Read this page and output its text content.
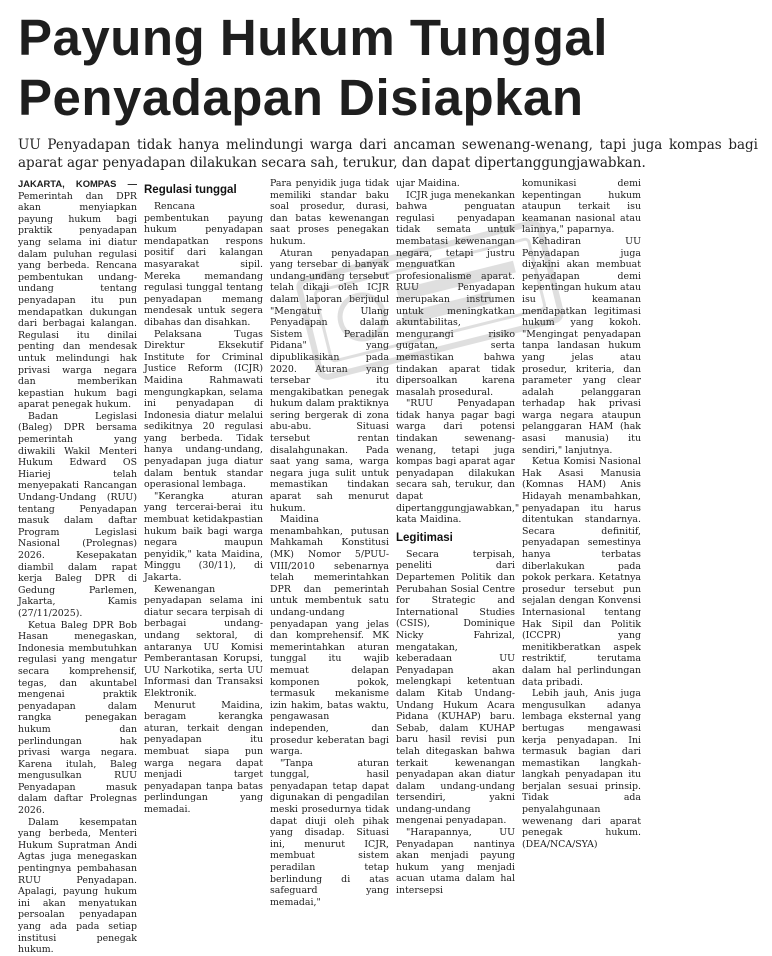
Payung Hukum Tunggal
Penyadapan Disiapkan
UU Penyadapan tidak hanya melindungi warga dari ancaman sewenang-wenang, tapi juga kompas bagi aparat agar penyadapan dilakukan secara sah, terukur, dan dapat dipertanggungjawabkan.

JAKARTA, KOMPAS — Pemerintah dan DPR akan menyiapkan payung hukum bagi praktik penyadapan yang selama ini diatur dalam puluhan regulasi yang berbeda. Rencana pembentukan undang-undang tentang penyadapan itu pun mendapatkan dukungan dari berbagai kalangan. Regulasi itu dinilai penting dan mendesak untuk melindungi hak privasi warga negara dan memberikan kepastian hukum bagi aparat penegak hukum.

Badan Legislasi (Baleg) DPR bersama pemerintah yang diwakili Wakil Menteri Hukum Edward OS Hiariej telah menyepakati Rancangan Undang-Undang (RUU) tentang Penyadapan masuk dalam daftar Program Legislasi Nasional (Prolegnas) 2026. Kesepakatan diambil dalam rapat kerja Baleg DPR di Gedung Parlemen, Jakarta, Kamis (27/11/2025).

Ketua Baleg DPR Bob Hasan menegaskan, Indonesia membutuhkan regulasi yang mengatur secara komprehensif, tegas, dan akuntabel mengenai praktik penyadapan dalam rangka penegakan hukum dan perlindungan hak privasi warga negara. Karena itulah, Baleg mengusulkan RUU Penyadapan masuk dalam daftar Prolegnas 2026.

Dalam kesempatan yang berbeda, Menteri Hukum Supratman Andi Agtas juga menegaskan pentingnya pembahasan RUU Penyadapan. Apalagi, payung hukum ini akan menyatukan persoalan penyadapan yang ada pada setiap institusi penegak hukum.

Regulasi tunggal

Rencana pembentukan payung hukum penyadapan mendapatkan respons positif dari kalangan masyarakat sipil. Mereka memandang regulasi tunggal tentang penyadapan memang mendesak untuk segera dibahas dan disahkan.

Pelaksana Tugas Direktur Eksekutif Institute for Criminal Justice Reform (ICJR) Maidina Rahmawati mengungkapkan, selama ini penyadapan di Indonesia diatur melalui sedikitnya 20 regulasi yang berbeda. Tidak hanya undang-undang, penyadapan juga diatur dalam bentuk standar operasional lembaga.

"Kerangka aturan yang tercerai-berai itu membuat ketidakpastian hukum baik bagi warga negara maupun penyidik," kata Maidina, Minggu (30/11), di Jakarta.

Kewenangan penyadapan selama ini diatur secara terpisah di berbagai undang-undang sektoral, di antaranya UU Komisi Pemberantasan Korupsi, UU Narkotika, serta UU Informasi dan Transaksi Elektronik.

Menurut Maidina, beragam kerangka aturan, terkait dengan penyadapan itu membuat siapa pun warga negara dapat menjadi target penyadapan tanpa batas perlindungan yang memadai.

Para penyidik juga tidak memiliki standar baku soal prosedur, durasi, dan batas kewenangan saat proses penegakan hukum.

Aturan penyadapan yang tersebar di banyak undang-undang tersebut telah dikaji oleh ICJR dalam laporan berjudul "Mengatur Ulang Penyadapan dalam Sistem Peradilan Pidana" yang dipublikasikan pada 2020. Aturan yang tersebar itu mengakibatkan penegak hukum dalam praktiknya sering bergerak di zona abu-abu. Situasi tersebut rentan disalahgunakan. Pada saat yang sama, warga negara juga sulit untuk memastikan tindakan aparat sah menurut hukum.

Maidina menambahkan, putusan Mahkamah Konstitusi (MK) Nomor 5/PUU-VIII/2010 sebenarnya telah memerintahkan DPR dan pemerintah untuk membentuk satu undang-undang penyadapan yang jelas dan komprehensif. MK memerintahkan aturan tunggal itu wajib memuat delapan komponen pokok, termasuk mekanisme izin hakim, batas waktu, pengawasan independen, dan prosedur keberatan bagi warga.

"Tanpa aturan tunggal, hasil penyadapan tetap dapat digunakan di pengadilan meski prosedurnya tidak dapat diuji oleh pihak yang disadap. Situasi ini, menurut ICJR, membuat sistem peradilan tetap berlindung di atas safeguard yang memadai,"

ujar Maidina.

ICJR juga menekankan bahwa penguatan regulasi penyadapan tidak semata untuk membatasi kewenangan negara, tetapi justru menguatkan profesionalisme aparat. RUU Penyadapan merupakan instrumen untuk meningkatkan akuntabilitas, mengurangi risiko gugatan, serta memastikan bahwa tindakan aparat tidak dipersoalkan karena masalah prosedural.

"RUU Penyadapan tidak hanya pagar bagi warga dari potensi tindakan sewenang-wenang, tetapi juga kompas bagi aparat agar penyadapan dilakukan secara sah, terukur, dan dapat dipertanggungjawabkan," kata Maidina.

Legitimasi

Secara terpisah, peneliti dari Departemen Politik dan Perubahan Sosial Centre for Strategic and International Studies (CSIS), Dominique Nicky Fahrizal, mengatakan, keberadaan UU Penyadapan akan melengkapi ketentuan dalam Kitab Undang-Undang Hukum Acara Pidana (KUHAP) baru. Sebab, dalam KUHAP baru hasil revisi pun telah ditegaskan bahwa terkait kewenangan penyadapan akan diatur dalam undang-undang tersendiri, yakni undang-undang mengenai penyadapan.

"Harapannya, UU Penyadapan nantinya akan menjadi payung hukum yang menjadi acuan utama dalam hal intersepsi

komunikasi demi kepentingan hukum ataupun terkait isu keamanan nasional atau lainnya," paparnya.

Kehadiran UU Penyadapan juga diyakini akan membuat penyadapan demi kepentingan hukum atau isu keamanan mendapatkan legitimasi hukum yang kokoh. "Mengingat penyadapan tanpa landasan hukum yang jelas atau prosedur, kriteria, dan parameter yang clear adalah pelanggaran terhadap hak privasi warga negara ataupun pelanggaran HAM (hak asasi manusia) itu sendiri," lanjutnya.

Ketua Komisi Nasional Hak Asasi Manusia (Komnas HAM) Anis Hidayah menambahkan, penyadapan itu harus ditentukan standarnya. Secara definitif, penyadapan semestinya hanya terbatas diberlakukan pada pokok perkara. Ketatnya prosedur tersebut pun sejalan dengan Konvensi Internasional tentang Hak Sipil dan Politik (ICCPR) yang menitikberatkan aspek restriktif, terutama dalam hal perlindungan data pribadi.

Lebih jauh, Anis juga mengusulkan adanya lembaga eksternal yang bertugas mengawasi kerja penyadapan. Ini termasuk bagian dari memastikan langkah-langkah penyadapan itu berjalan sesuai prinsip. Tidak ada penyalahgunaan wewenang dari aparat penegak hukum. (DEA/NCA/SYA)
